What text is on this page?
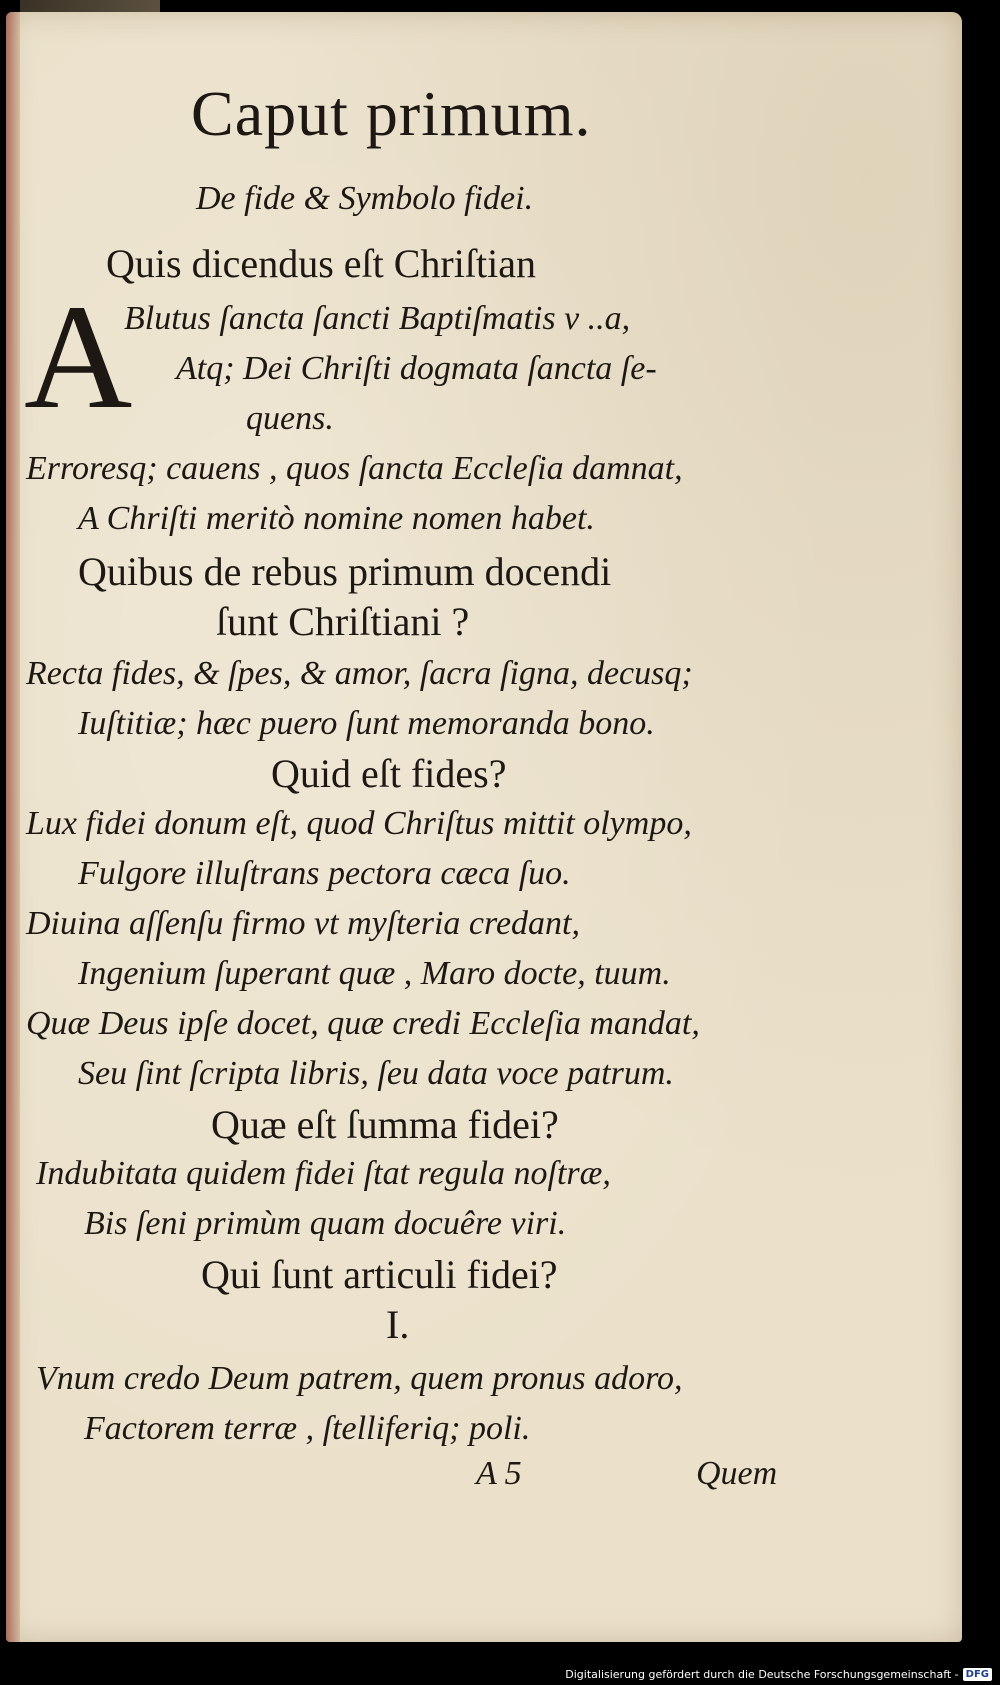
Caput primum.
De fide & Symbolo fidei.
A
Quis dicendus eſt Chriſtian
Blutus ſancta ſancti Baptiſmatis v ..a,
Atq; Dei Chriſti dogmata ſancta ſe-
quens.
Erroresq; cauens , quos ſancta Eccleſia damnat,
A Chriſti meritò nomine nomen habet.
Quibus de rebus primum docendi
ſunt Chriſtiani ?
Recta fides, & ſpes, & amor, ſacra ſigna, decusq;
Iuſtitiæ; hæc puero ſunt memoranda bono.
Quid eſt fides?
Lux fidei donum eſt, quod Chriſtus mittit olympo,
Fulgore illuſtrans pectora cæca ſuo.
Diuina aſſenſu firmo vt myſteria credant,
Ingenium ſuperant quæ , Maro docte, tuum.
Quæ Deus ipſe docet, quæ credi Eccleſia mandat,
Seu ſint ſcripta libris, ſeu data voce patrum.
Quæ eſt ſumma fidei?
Indubitata quidem fidei ſtat regula noſtræ,
Bis ſeni primùm quam docuêre viri.
Qui ſunt articuli fidei?
I.
Vnum credo Deum patrem, quem pronus adoro,
Factorem terræ , ſtelliferiq; poli.
A 5	Quem
Digitalisierung gefördert durch die Deutsche Forschungsgemeinschaft - DFG
